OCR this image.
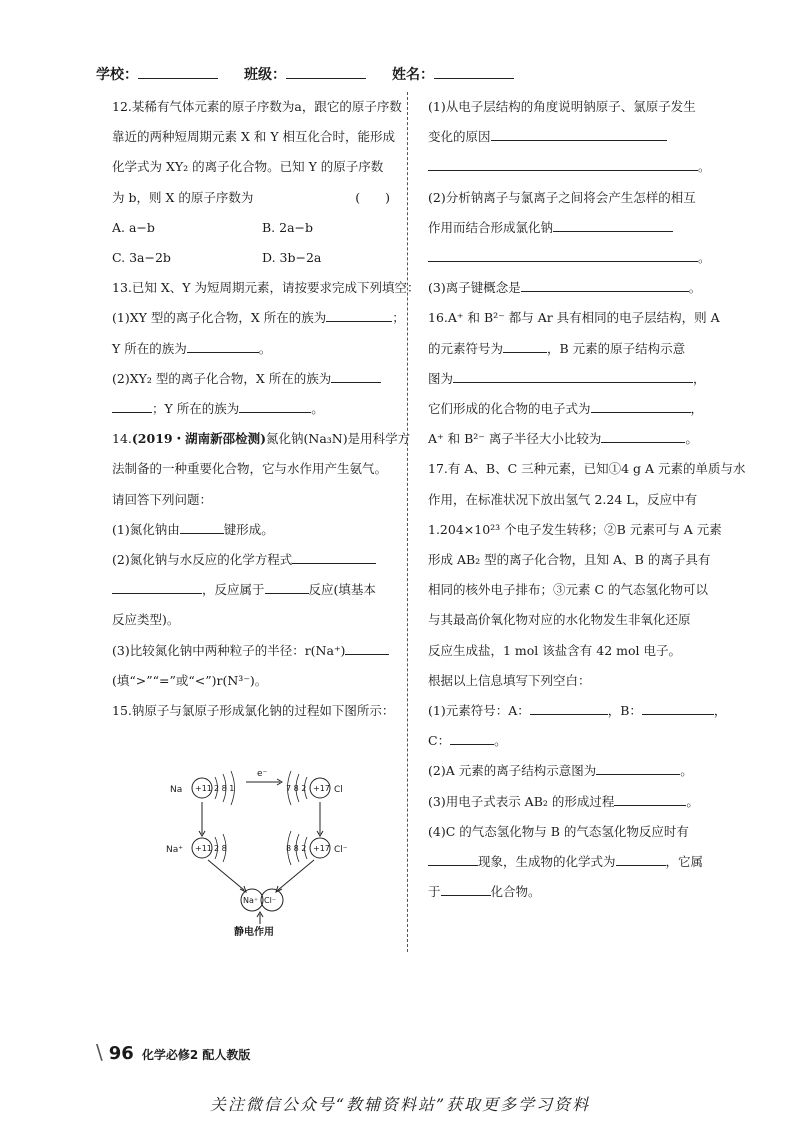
学校：	班级：	姓名：

12.某稀有气体元素的原子序数为a，跟它的原子序数

靠近的两种短周期元素 X 和 Y 相互化合时，能形成

化学式为 XY₂ 的离子化合物。已知 Y 的原子序数

为 b，则 X 的原子序数为	(　　)

A. a−b	B. 2a−b

C. 3a−2b	D. 3b−2a

13.已知 X、Y 为短周期元素，请按要求完成下列填空：

(1)XY 型的离子化合物，X 所在的族为	；

Y 所在的族为	。

(2)XY₂ 型的离子化合物，X 所在的族为

；Y 所在的族为	。

14.(2019・湖南新邵检测)氮化钠(Na₃N)是用科学方

法制备的一种重要化合物，它与水作用产生氨气。

请回答下列问题：

(1)氮化钠由	键形成。

(2)氮化钠与水反应的化学方程式

，反应属于	反应(填基本

反应类型)。

(3)比较氮化钠中两种粒子的半径：r(Na⁺)

(填“>”“=”或“<”)r(N³⁻)。

15.钠原子与氯原子形成氯化钠的过程如下图所示：

Na +11 2 8 1
e⁻
7 8 2 +17 Cl
Na⁺ +11 2 8	8 8 2 +17 Cl⁻
Na⁺ Cl⁻
静电作用

(1)从电子层结构的角度说明钠原子、氯原子发生

变化的原因

。

(2)分析钠离子与氯离子之间将会产生怎样的相互

作用而结合形成氯化钠

。

(3)离子键概念是	。

16.A⁺ 和 B²⁻ 都与 Ar 具有相同的电子层结构，则 A

的元素符号为	，B 元素的原子结构示意

图为	，

它们形成的化合物的电子式为	，

A⁺ 和 B²⁻ 离子半径大小比较为	。

17.有 A、B、C 三种元素，已知①4 g A 元素的单质与水

作用，在标准状况下放出氢气 2.24 L，反应中有

1.204×10²³ 个电子发生转移；②B 元素可与 A 元素

形成 AB₂ 型的离子化合物，且知 A、B 的离子具有

相同的核外电子排布；③元素 C 的气态氢化物可以

与其最高价氧化物对应的水化物发生非氧化还原

反应生成盐，1 mol 该盐含有 42 mol 电子。

根据以上信息填写下列空白：

(1)元素符号：A：	，B：	，

C：	。

(2)A 元素的离子结构示意图为	。

(3)用电子式表示 AB₂ 的形成过程	。

(4)C 的气态氢化物与 B 的气态氢化物反应时有

现象，生成物的化学式为	，它属

于	化合物。

\ 96 化学必修2 配人教版
关注微信公众号“教辅资料站”获取更多学习资料
